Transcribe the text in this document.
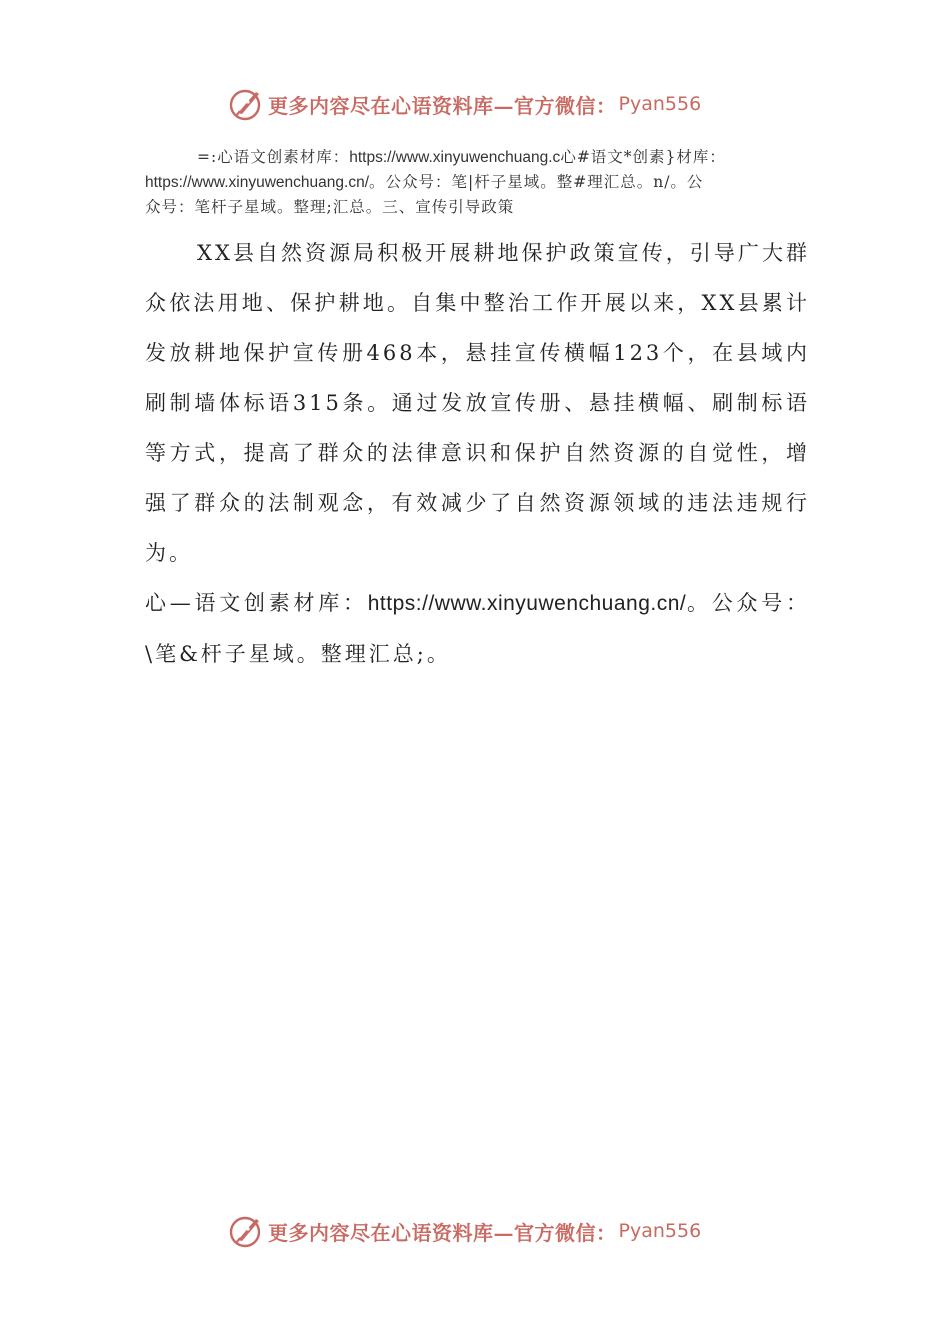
更多内容尽在心语资料库—官方微信： Pyan556

=:心语文创素材库：https://www.xinyuwenchuang.c心#语文*创素}材库：

https://www.xinyuwenchuang.cn/。公众号：笔|杆子星域。整#理汇总。n/。公

众号：笔杆子星域。整理;汇总。三、宣传引导政策

XX县自然资源局积极开展耕地保护政策宣传，引导广大群众依法用地、保护耕地。自集中整治工作开展以来，XX县累计发放耕地保护宣传册468本，悬挂宣传横幅123个，在县域内刷制墙体标语315条。通过发放宣传册、悬挂横幅、刷制标语等方式，提高了群众的法律意识和保护自然资源的自觉性，增强了群众的法制观念，有效减少了自然资源领域的违法违规行为。

心—语文创素材库：https://www.xinyuwenchuang.cn/。公众号：\笔&杆子星域。整理汇总;。

更多内容尽在心语资料库—官方微信： Pyan556
